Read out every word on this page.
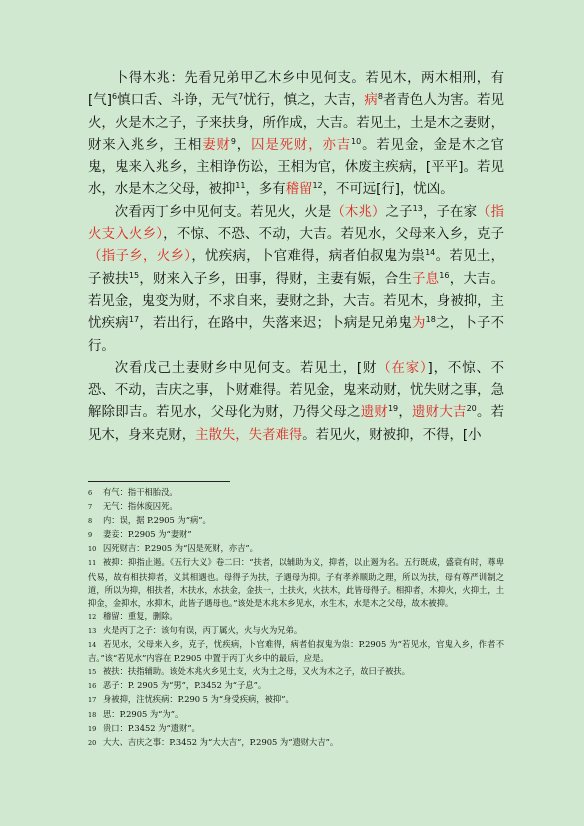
卜得木兆：先看兄弟甲乙木乡中见何支。若见木，两木相刑，有[气]$^6$慎口舌、斗诤，无气$^7$忧行，慎之，大吉，病$^8$者青色人为害。若见火，火是木之子，子来扶身，所作成，大吉。若见土，土是木之妻财，财来入兆乡，王相妻财$^9$，囚是死财，亦吉$^{10}$。若见金，金是木之官鬼，鬼来入兆乡，主相诤伤讼，王相为官，休废主疾病，[平平]。若见水，水是木之父母，被抑$^{11}$，多有稽留$^{12}$，不可远[行]，忧凶。

次看丙丁乡中见何支。若见火，火是（木兆）之子$^{13}$，子在家（指火支入火乡），不惊、不恐、不动，大吉。若见水，父母来入乡，克子（指子乡，火乡），忧疾病，卜官难得，病者伯叔鬼为祟$^{14}$。若见土，子被扶$^{15}$，财来入子乡，田事，得财，主妻有娠，合生子息$^{16}$，大吉。若见金，鬼变为财，不求自来，妻财之卦，大吉。若见木，身被抑，主忧疾病$^{17}$，若出行，在路中，失落来迟；卜病是兄弟鬼为$^{18}$之，卜子不行。

次看戊己土妻财乡中见何支。若见土，[财（在家）]，不惊、不恐、不动，吉庆之事，卜财难得。若见金，鬼来动财，忧失财之事，急解除即吉。若见水，父母化为财，乃得父母之遗财$^{19}$，遗财大吉$^{20}$。若见木，身来克财，主散失，失者难得。若见火，财被抑，不得，[小

6 有气：指干相胎没。
7 无气：指休废囚死。
8 内：误，据 P.2905 为“病”。
9 妻妾：P.2905 为“妻财”
10 囚死财吉：P.2905 为“囚是死财，亦吉”。
11 被抑：抑指止遏。《五行大义》卷二曰：“扶者，以辅助为义，抑者，以止遏为名。五行既成，盛衰有时，尊卑代易，故有相扶抑者，义其相遇也。母得子为扶，子遇母为抑。子有孝养顺助之理，所以为扶，母有尊严训制之道，所以为抑，相扶者，木扶水，水扶金，金扶一，土扶火，火扶木，此皆母得子。相抑者，木抑火，火抑土，土抑金，金抑水，水抑木，此皆子遇母也。”该处是木兆木乡见水，水生木，水是木之父母，故木被抑。
12 稽留：重复，删除。
13 火是丙丁之子：该句有误，丙丁属火，火与火为兄弟。
14 若见水，父母来入乡，克子，忧疾病，卜官难得，病者伯叔鬼为祟：P.2905 为“若见水，官鬼入乡，作者不吉。”该“若见水”内容在 P.2905 中置于丙丁火乡中的最后，应是。
15 被扶：扶指辅助。该处木兆火乡见土支，火为土之母，又火为木之子，故曰子被扶。
16 恶子：P. 2905 为“男”，P.3452 为“子息”。
17 身被抑，注忧疾病：P.290 5 为“身受疾病，被抑”。
18 思：P.2905 为“为”。
19 贵口：P.3452 为“遗财”。
20 大大、吉庆之事：P.3452 为“大大吉”，P.2905 为“遗财大吉”。
